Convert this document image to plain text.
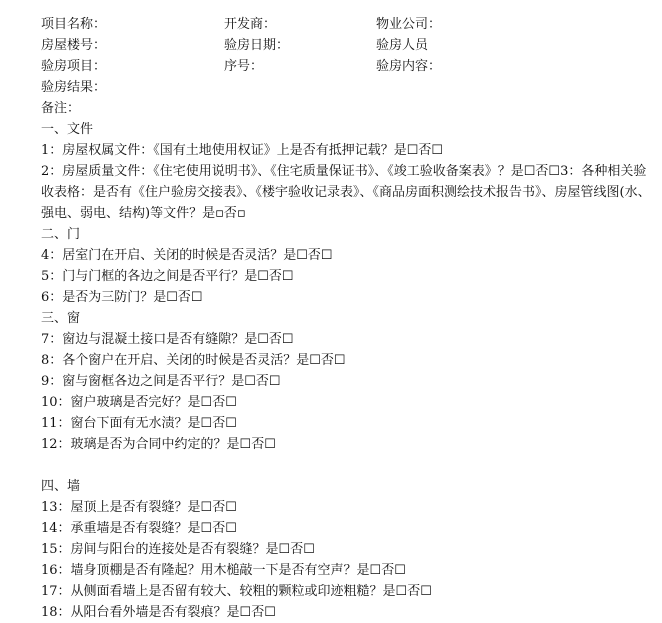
项目名称：	开发商：	物业公司：
房屋楼号：	验房日期：	验房人员
验房项目：	序号：	验房内容：
验房结果：
备注：
一、文件
1：房屋权属文件：《国有土地使用权证》上是否有抵押记载？是☐否☐
2：房屋质量文件：《住宅使用说明书》、《住宅质量保证书》、《竣工验收备案表》？是☐否☐3：各种相关验收表格：是否有《住户验房交接表》、《楼宇验收记录表》、《商品房面积测绘技术报告书》、房屋管线图(水、强电、弱电、结构)等文件？是▫否▫
二、门
4：居室门在开启、关闭的时候是否灵活？是☐否☐
5：门与门框的各边之间是否平行？是☐否☐
6：是否为三防门？是☐否☐
三、窗
7：窗边与混凝土接口是否有缝隙？是☐否☐
8：各个窗户在开启、关闭的时候是否灵活？是☐否☐
9：窗与窗框各边之间是否平行？是☐否☐
10：窗户玻璃是否完好？是☐否☐
11：窗台下面有无水渍？是☐否☐
12：玻璃是否为合同中约定的？是☐否☐
四、墙
13：屋顶上是否有裂缝？是☐否☐
14：承重墙是否有裂缝？是☐否☐
15：房间与阳台的连接处是否有裂缝？是☐否☐
16：墙身顶棚是否有隆起？用木槌敲一下是否有空声？是☐否☐
17：从侧面看墙上是否留有较大、较粗的颗粒或印迹粗糙？是☐否☐
18：从阳台看外墙是否有裂痕？是☐否☐
